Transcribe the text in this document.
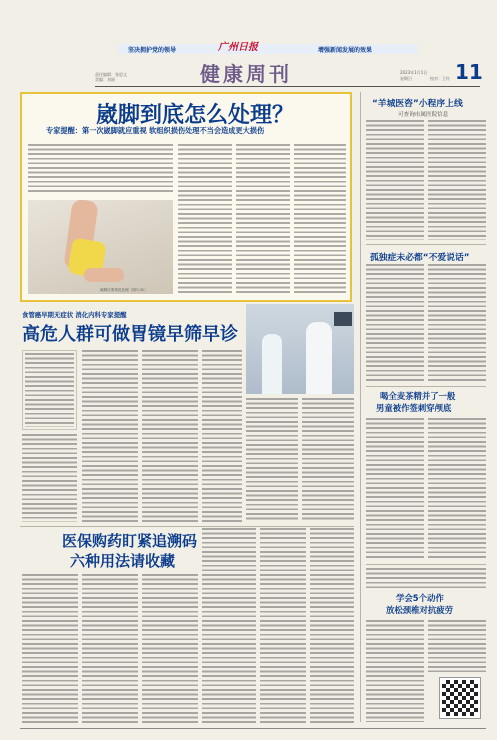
坚决拥护党的领导	增强新闻发展的效果
广州日报
健康周刊
责任编辑：张思文
美编：刘丽
2023年1月1日
星期日	校对：王红 11
崴脚到底怎么处理？
专家提醒：第一次崴脚就应重视 软组织损伤处理不当会造成更大损伤
崴脚后需规范处理（图片/IC）
食管癌早期无症状 消化内科专家提醒
高危人群可做胃镜早筛早诊
医保购药盯紧追溯码
六种用法请收藏
“羊城医咨”小程序上线
可查询市属医院信息
孤独症未必都“不爱说话”
喝全麦茶精并了一般
男童被作签刺穿颅底
学会5个动作
放松颈椎对抗疲劳
